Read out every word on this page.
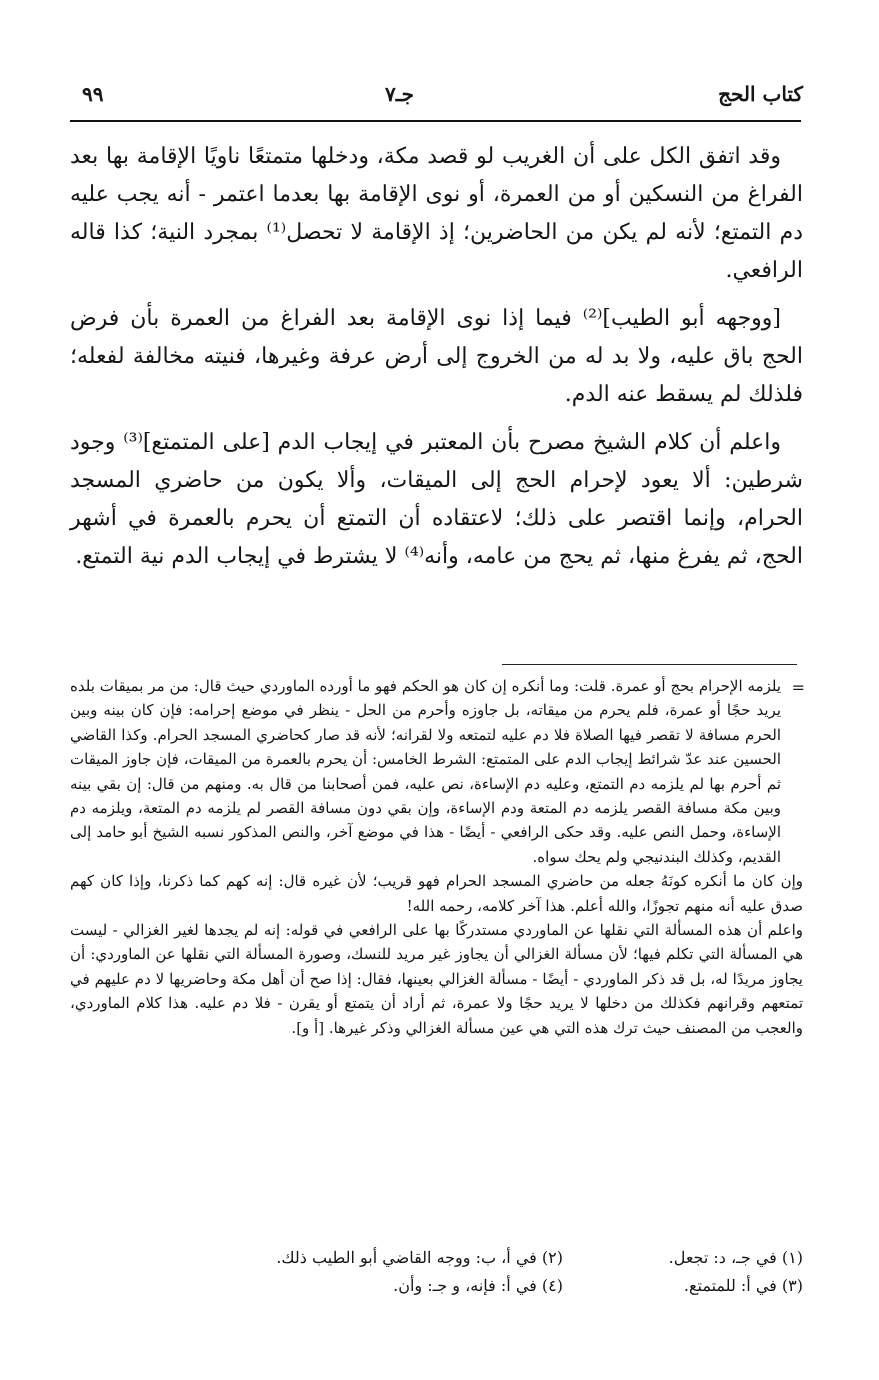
كتاب الحج
جـ٧
٩٩

وقد اتفق الكل على أن الغريب لو قصد مكة، ودخلها متمتعًا ناويًا الإقامة بها بعد الفراغ من النسكين أو من العمرة، أو نوى الإقامة بها بعدما اعتمر - أنه يجب عليه دم التمتع؛ لأنه لم يكن من الحاضرين؛ إذ الإقامة لا تحصل⁽¹⁾ بمجرد النية؛ كذا قاله الرافعي.

[ووجهه أبو الطيب]⁽²⁾ فيما إذا نوى الإقامة بعد الفراغ من العمرة بأن فرض الحج باق عليه، ولا بد له من الخروج إلى أرض عرفة وغيرها، فنيته مخالفة لفعله؛ فلذلك لم يسقط عنه الدم.

واعلم أن كلام الشيخ مصرح بأن المعتبر في إيجاب الدم [على المتمتع]⁽³⁾ وجود شرطين: ألا يعود لإحرام الحج إلى الميقات، وألا يكون من حاضري المسجد الحرام، وإنما اقتصر على ذلك؛ لاعتقاده أن التمتع أن يحرم بالعمرة في أشهر الحج، ثم يفرغ منها، ثم يحج من عامه، وأنه⁽⁴⁾ لا يشترط في إيجاب الدم نية التمتع.

=

يلزمه الإحرام بحج أو عمرة. قلت: وما أنكره إن كان هو الحكم فهو ما أورده الماوردي حيث قال: من مر بميقات بلده يريد حجًا أو عمرة، فلم يحرم من ميقاته، بل جاوزه وأحرم من الحل - ينظر في موضع إحرامه: فإن كان بينه وبين الحرم مسافة لا تقصر فيها الصلاة فلا دم عليه لتمتعه ولا لقرانه؛ لأنه قد صار كحاضري المسجد الحرام. وكذا القاضي الحسين عند عدّ شرائط إيجاب الدم على المتمتع: الشرط الخامس: أن يحرم بالعمرة من الميقات، فإن جاوز الميقات ثم أحرم بها لم يلزمه دم التمتع، وعليه دم الإساءة، نص عليه، فمن أصحابنا من قال به. ومنهم من قال: إن بقي بينه وبين مكة مسافة القصر يلزمه دم المتعة ودم الإساءة، وإن بقي دون مسافة القصر لم يلزمه دم المتعة، ويلزمه دم الإساءة، وحمل النص عليه. وقد حكى الرافعي - أيضًا - هذا في موضع آخر، والنص المذكور نسبه الشيخ أبو حامد إلى القديم، وكذلك البندنيجي ولم يحك سواه.

وإن كان ما أنكره كونَهُ جعله من حاضري المسجد الحرام فهو قريب؛ لأن غيره قال: إنه كهم كما ذكرنا، وإذا كان كهم صدق عليه أنه منهم تجوزًا، والله أعلم. هذا آخر كلامه، رحمه الله!

واعلم أن هذه المسألة التي نقلها عن الماوردي مستدركًا بها على الرافعي في قوله: إنه لم يجدها لغير الغزالي - ليست هي المسألة التي تكلم فيها؛ لأن مسألة الغزالي أن يجاوز غير مريد للنسك، وصورة المسألة التي نقلها عن الماوردي: أن يجاوز مريدًا له، بل قد ذكر الماوردي - أيضًا - مسألة الغزالي بعينها، فقال: إذا صح أن أهل مكة وحاضريها لا دم عليهم في تمتعهم وقرانهم فكذلك من دخلها لا يريد حجًا ولا عمرة، ثم أراد أن يتمتع أو يقرن - فلا دم عليه. هذا كلام الماوردي، والعجب من المصنف حيث ترك هذه التي هي عين مسألة الغزالي وذكر غيرها. [أ و].

(١) في جـ، د: تجعل.
(٢) في أ، ب: ووجه القاضي أبو الطيب ذلك.
(٣) في أ: للمتمتع.
(٤) في أ: فإنه، و جـ: وأن.
